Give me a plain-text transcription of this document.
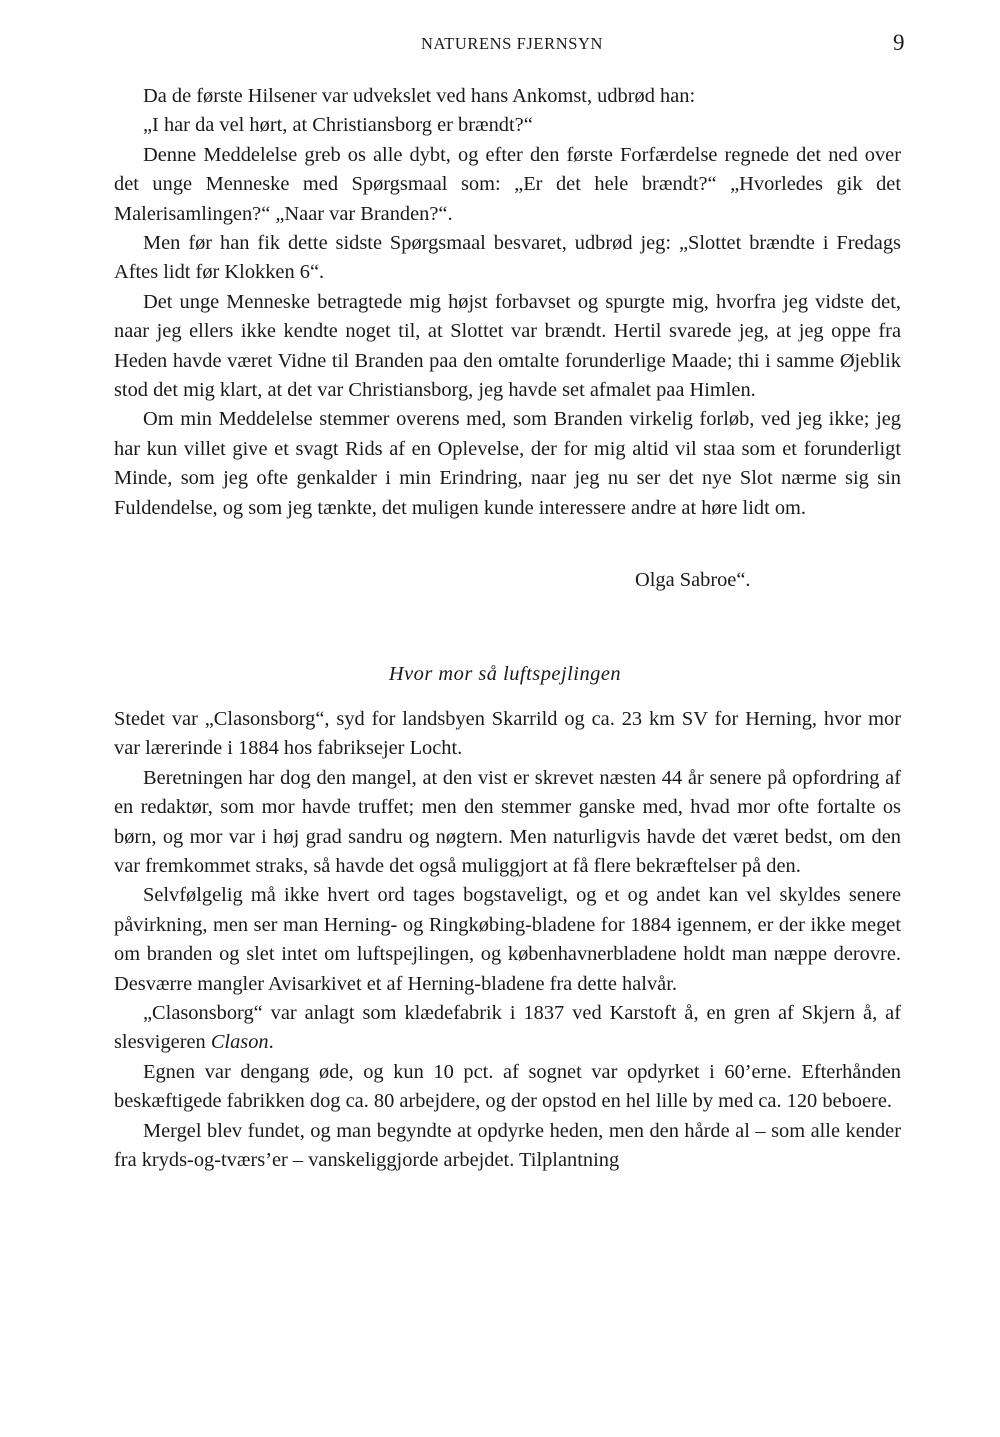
NATURENS FJERNSYN	9

Da de første Hilsener var udvekslet ved hans Ankomst, udbrød han:

„I har da vel hørt, at Christiansborg er brændt?“

Denne Meddelelse greb os alle dybt, og efter den første Forfærdelse regnede det ned over det unge Menneske med Spørgsmaal som: „Er det hele brændt?“ „Hvorledes gik det Malerisamlingen?“ „Naar var Branden?“.

Men før han fik dette sidste Spørgsmaal besvaret, udbrød jeg: „Slottet brændte i Fredags Aftes lidt før Klokken 6“.

Det unge Menneske betragtede mig højst forbavset og spurgte mig, hvorfra jeg vidste det, naar jeg ellers ikke kendte noget til, at Slottet var brændt. Hertil svarede jeg, at jeg oppe fra Heden havde været Vidne til Branden paa den omtalte forunderlige Maade; thi i samme Øjeblik stod det mig klart, at det var Christiansborg, jeg havde set afmalet paa Himlen.

Om min Meddelelse stemmer overens med, som Branden virkelig forløb, ved jeg ikke; jeg har kun villet give et svagt Rids af en Oplevelse, der for mig altid vil staa som et forunderligt Minde, som jeg ofte genkalder i min Erindring, naar jeg nu ser det nye Slot nærme sig sin Fuldendelse, og som jeg tænkte, det muligen kunde interessere andre at høre lidt om.

Olga Sabroe“.
Hvor mor så luftspejlingen

Stedet var „Clasonsborg“, syd for landsbyen Skarrild og ca. 23 km SV for Herning, hvor mor var lærerinde i 1884 hos fabriksejer Locht.

Beretningen har dog den mangel, at den vist er skrevet næsten 44 år senere på opfordring af en redaktør, som mor havde truffet; men den stemmer ganske med, hvad mor ofte fortalte os børn, og mor var i høj grad sandru og nøgtern. Men naturligvis havde det været bedst, om den var fremkommet straks, så havde det også muliggjort at få flere bekræftelser på den.

Selvfølgelig må ikke hvert ord tages bogstaveligt, og et og andet kan vel skyldes senere påvirkning, men ser man Herning- og Ringkøbing-bladene for 1884 igennem, er der ikke meget om branden og slet intet om luftspejlingen, og københavnerbladene holdt man næppe derovre. Desværre mangler Avisarkivet et af Herning-bladene fra dette halvår.

„Clasonsborg“ var anlagt som klædefabrik i 1837 ved Karstoft å, en gren af Skjern å, af slesvigeren Clason.

Egnen var dengang øde, og kun 10 pct. af sognet var opdyrket i 60’erne. Efterhånden beskæftigede fabrikken dog ca. 80 arbejdere, og der opstod en hel lille by med ca. 120 beboere.

Mergel blev fundet, og man begyndte at opdyrke heden, men den hårde al – som alle kender fra kryds-og-tværs’er – vanskeliggjorde arbejdet. Tilplantning
